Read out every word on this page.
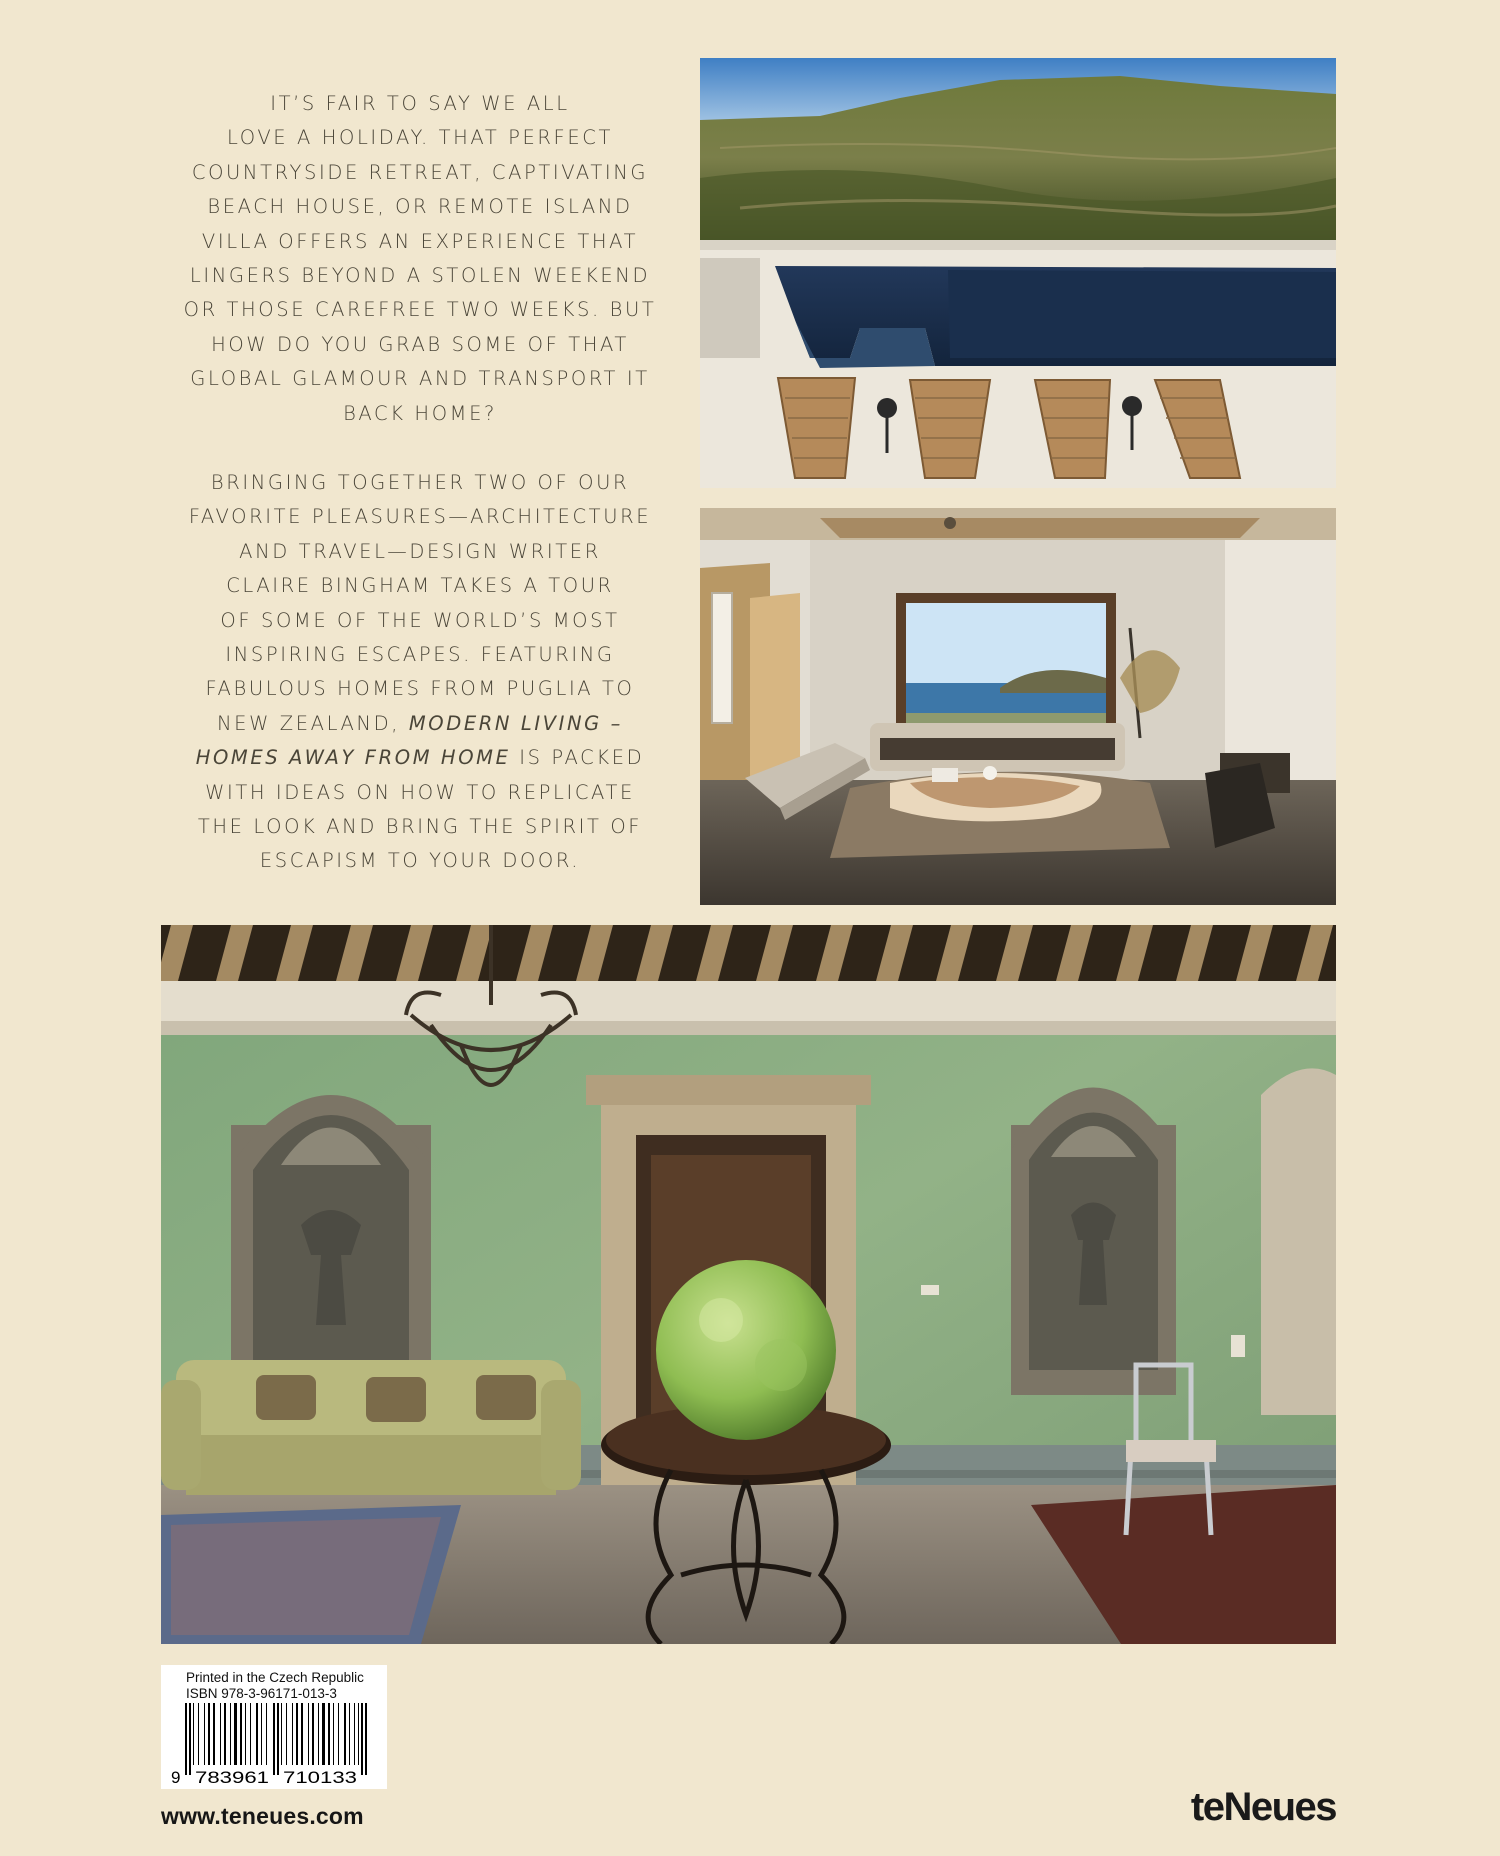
IT’S FAIR TO SAY WE ALL
LOVE A HOLIDAY. THAT PERFECT
COUNTRYSIDE RETREAT, CAPTIVATING
BEACH HOUSE, OR REMOTE ISLAND
VILLA OFFERS AN EXPERIENCE THAT
LINGERS BEYOND A STOLEN WEEKEND
OR THOSE CAREFREE TWO WEEKS. BUT
HOW DO YOU GRAB SOME OF THAT
GLOBAL GLAMOUR AND TRANSPORT IT
BACK HOME?
BRINGING TOGETHER TWO OF OUR
FAVORITE PLEASURES—ARCHITECTURE
AND TRAVEL—DESIGN WRITER
CLAIRE BINGHAM TAKES A TOUR
OF SOME OF THE WORLD’S MOST
INSPIRING ESCAPES. FEATURING
FABULOUS HOMES FROM PUGLIA TO
NEW ZEALAND, MODERN LIVING –
HOMES AWAY FROM HOME IS PACKED
WITH IDEAS ON HOW TO REPLICATE
THE LOOK AND BRING THE SPIRIT OF
ESCAPISM TO YOUR DOOR.
Printed in the Czech Republic
ISBN 978-3-96171-013-3
9 783961 710133
www.teneues.com	teNeues
